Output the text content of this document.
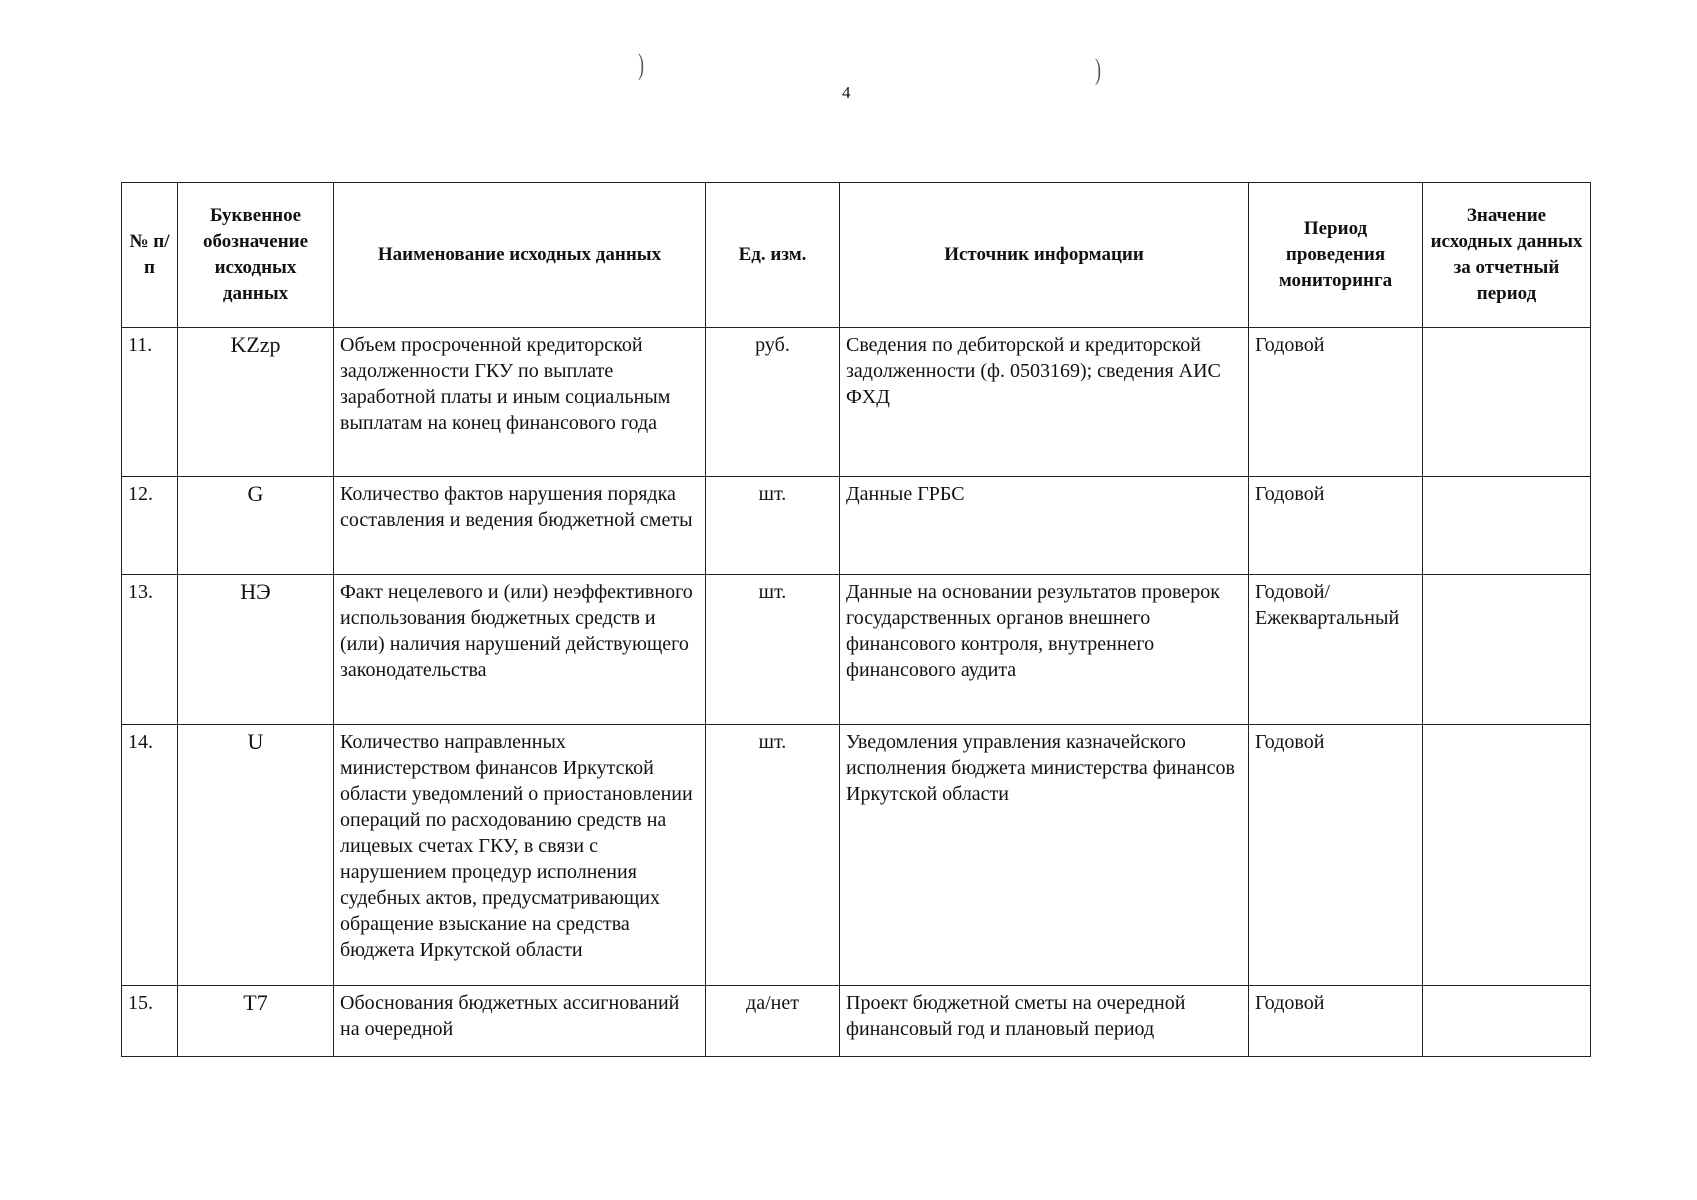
)	)
4
№ п/п	Буквенное обозначение исходных данных	Наименование исходных данных	Ед. изм.	Источник информации	Период проведения мониторинга	Значение исходных данных за отчетный период
11.	KZzp	Объем просроченной кредиторской задолженности ГКУ по выплате заработной платы и иным социальным выплатам на конец финансового года	руб.	Сведения по дебиторской и кредиторской задолженности (ф. 0503169); сведения АИС ФХД	Годовой	
12.	G	Количество фактов нарушения порядка составления и ведения бюджетной сметы	шт.	Данные ГРБС	Годовой	
13.	НЭ	Факт нецелевого и (или) неэффективного использования бюджетных средств и (или) наличия нарушений действующего законодательства	шт.	Данные на основании результатов проверок государственных органов внешнего финансового контроля, внутреннего финансового аудита	Годовой/ Ежеквартальный	
14.	U	Количество направленных министерством финансов Иркутской области уведомлений о приостановлении операций по расходованию средств на лицевых счетах ГКУ, в связи с нарушением процедур исполнения судебных актов, предусматривающих обращение взыскание на средства бюджета Иркутской области	шт.	Уведомления управления казначейского исполнения бюджета министерства финансов Иркутской области	Годовой	
15.	T7	Обоснования бюджетных ассигнований на очередной	да/нет	Проект бюджетной сметы на очередной финансовый год и плановый период	Годовой	
